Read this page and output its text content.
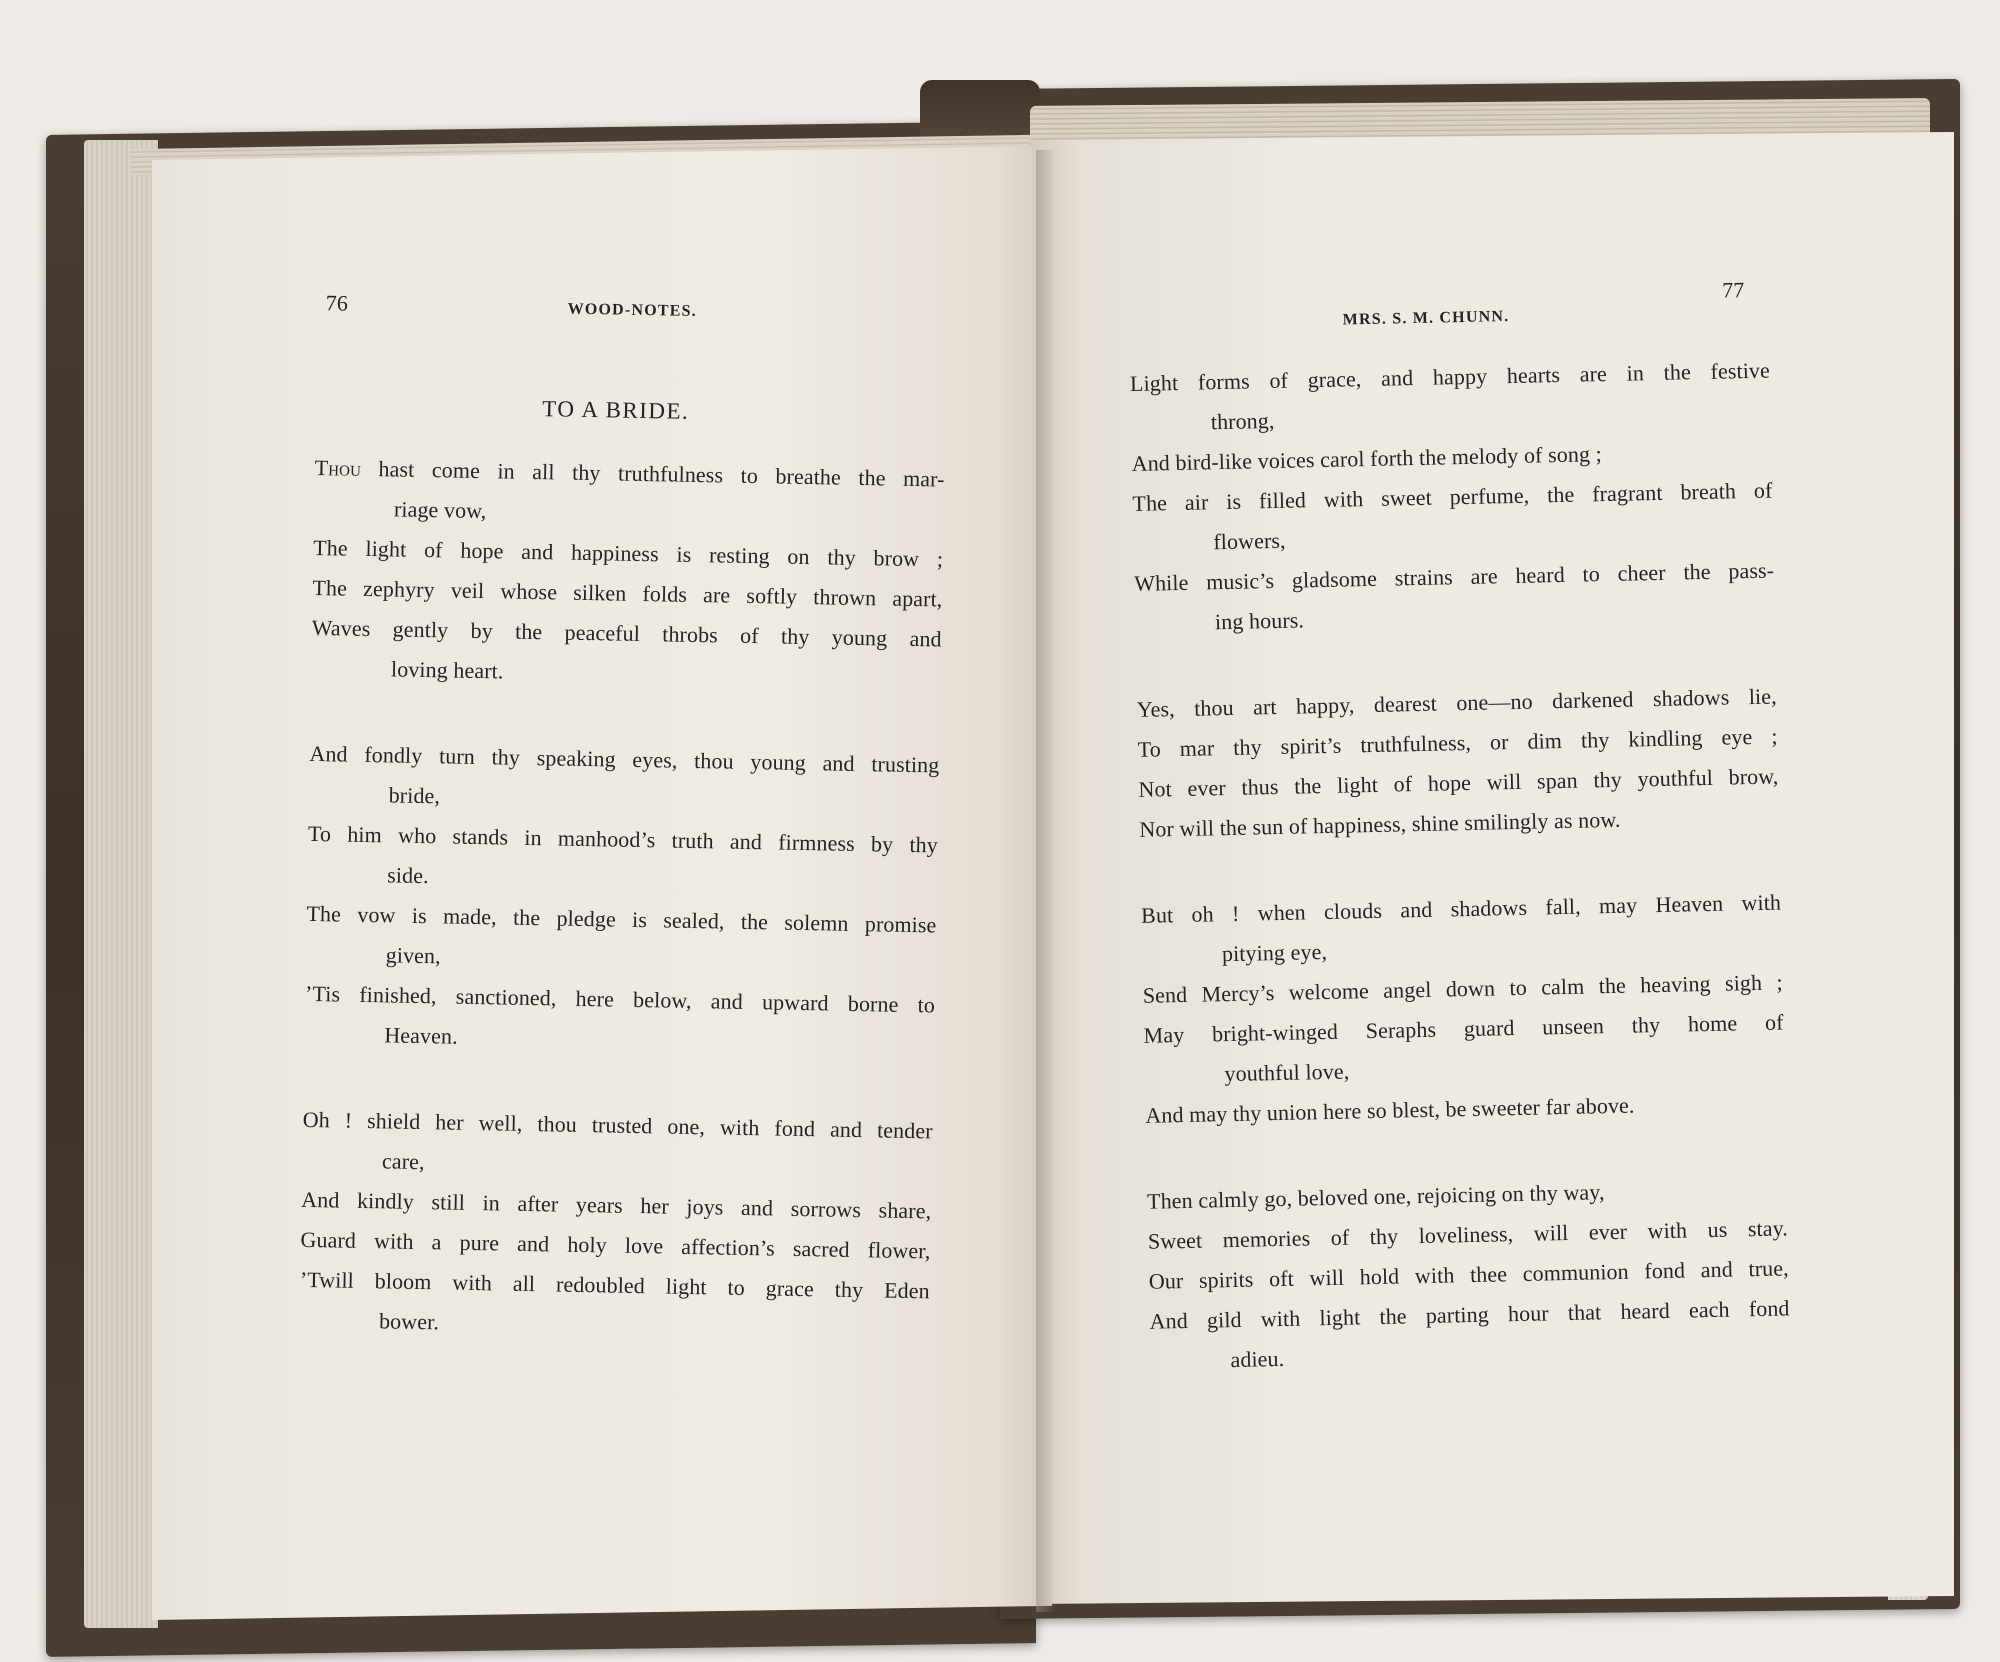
76	WOOD-NOTES.
TO A BRIDE.

Thou hast come in all thy truthfulness to breathe the mar-

riage vow,

The light of hope and happiness is resting on thy brow ;

The zephyry veil whose silken folds are softly thrown apart,

Waves gently by the peaceful throbs of thy young and

loving heart.

And fondly turn thy speaking eyes, thou young and trusting

bride,

To him who stands in manhood’s truth and firmness by thy

side.

The vow is made, the pledge is sealed, the solemn promise

given,

’Tis finished, sanctioned, here below, and upward borne to

Heaven.

Oh ! shield her well, thou trusted one, with fond and tender

care,

And kindly still in after years her joys and sorrows share,

Guard with a pure and holy love affection’s sacred flower,

’Twill bloom with all redoubled light to grace thy Eden

bower.

MRS. S. M. CHUNN.
77

Light forms of grace, and happy hearts are in the festive

throng,

And bird-like voices carol forth the melody of song ;

The air is filled with sweet perfume, the fragrant breath of

flowers,

While music’s gladsome strains are heard to cheer the pass-

ing hours.

Yes, thou art happy, dearest one—no darkened shadows lie,

To mar thy spirit’s truthfulness, or dim thy kindling eye ;

Not ever thus the light of hope will span thy youthful brow,

Nor will the sun of happiness, shine smilingly as now.

But oh ! when clouds and shadows fall, may Heaven with

pitying eye,

Send Mercy’s welcome angel down to calm the heaving sigh ;

May bright-winged Seraphs guard unseen thy home of

youthful love,

And may thy union here so blest, be sweeter far above.

Then calmly go, beloved one, rejoicing on thy way,

Sweet memories of thy loveliness, will ever with us stay.

Our spirits oft will hold with thee communion fond and true,

And gild with light the parting hour that heard each fond

adieu.
